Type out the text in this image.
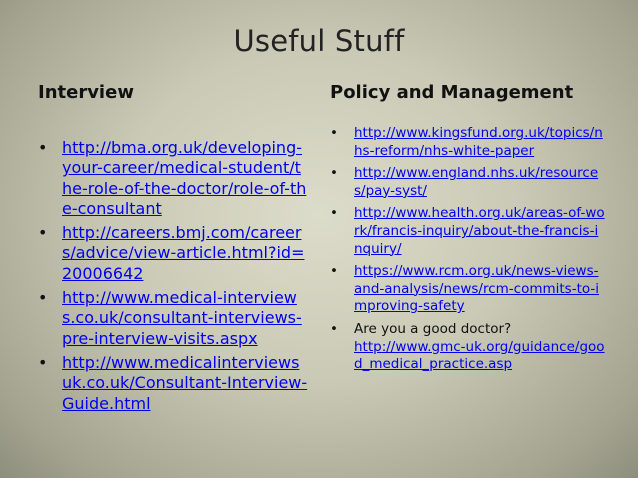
Useful Stuff
Interview	Policy and Management
• http://bma.org.uk/developing-your-career/medical-student/the-role-of-the-doctor/role-of-the-consultant
• http://careers.bmj.com/careers/advice/view-article.html?id=20006642
• http://www.medical-interviews.co.uk/consultant-interviews-pre-interview-visits.aspx
• http://www.medicalinterviewsuk.co.uk/Consultant-Interview-Guide.html
• http://www.kingsfund.org.uk/topics/nhs-reform/nhs-white-paper
• http://www.england.nhs.uk/resources/pay-syst/
• http://www.health.org.uk/areas-of-work/francis-inquiry/about-the-francis-inquiry/
• https://www.rcm.org.uk/news-views-and-analysis/news/rcm-commits-to-improving-safety
• Are you a good doctor?
http://www.gmc-uk.org/guidance/good_medical_practice.asp
